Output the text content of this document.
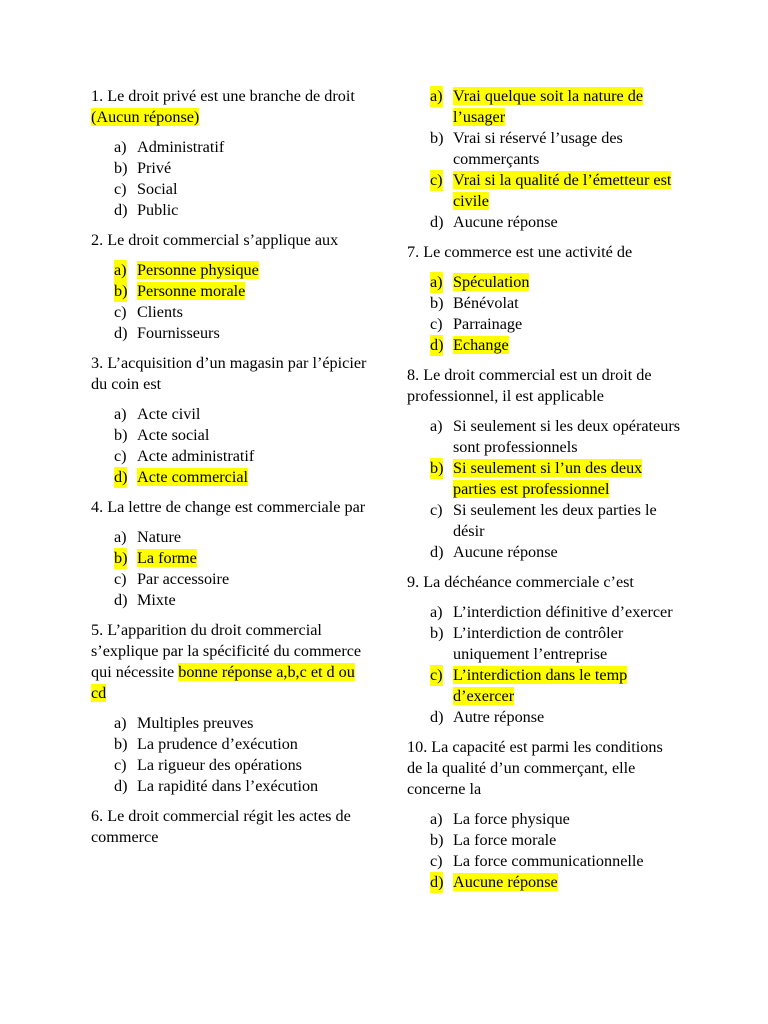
1. Le droit privé est une branche de droit  (Aucun réponse)

a) Administratif
b) Privé
c) Social
d) Public

2. Le droit commercial s’applique aux

a) Personne physique
b) Personne morale
c) Clients
d) Fournisseurs

3. L’acquisition d’un magasin par l’épicier du coin est

a) Acte civil
b) Acte social
c) Acte administratif
d) Acte commercial

4. La lettre de change est commerciale par

a) Nature
b) La forme
c) Par accessoire
d) Mixte

5. L’apparition du droit commercial s’explique par la spécificité du commerce qui nécessite bonne réponse a,b,c et d ou cd

a) Multiples preuves
b) La prudence d’exécution
c) La rigueur des opérations
d) La rapidité dans l’exécution

6. Le droit commercial régit les actes de commerce

a) Vrai quelque soit la nature de l’usager
b) Vrai si réservé l’usage des commerçants
c) Vrai si la qualité de l’émetteur est civile
d) Aucune réponse

7. Le commerce est une activité de

a) Spéculation
b) Bénévolat
c) Parrainage
d) Echange

8. Le droit commercial est un droit de professionnel, il est applicable

a) Si seulement si les deux opérateurs sont professionnels
b) Si seulement si l’un des deux parties est professionnel
c) Si seulement les deux parties le désir
d) Aucune réponse

9. La déchéance commerciale c’est

a) L’interdiction définitive d’exercer
b) L’interdiction de contrôler uniquement l’entreprise
c) L’interdiction dans le temp d’exercer
d) Autre réponse

10. La capacité est parmi les conditions de la qualité d’un commerçant, elle concerne la

a) La force physique
b) La force morale
c) La force communicationnelle
d) Aucune réponse
